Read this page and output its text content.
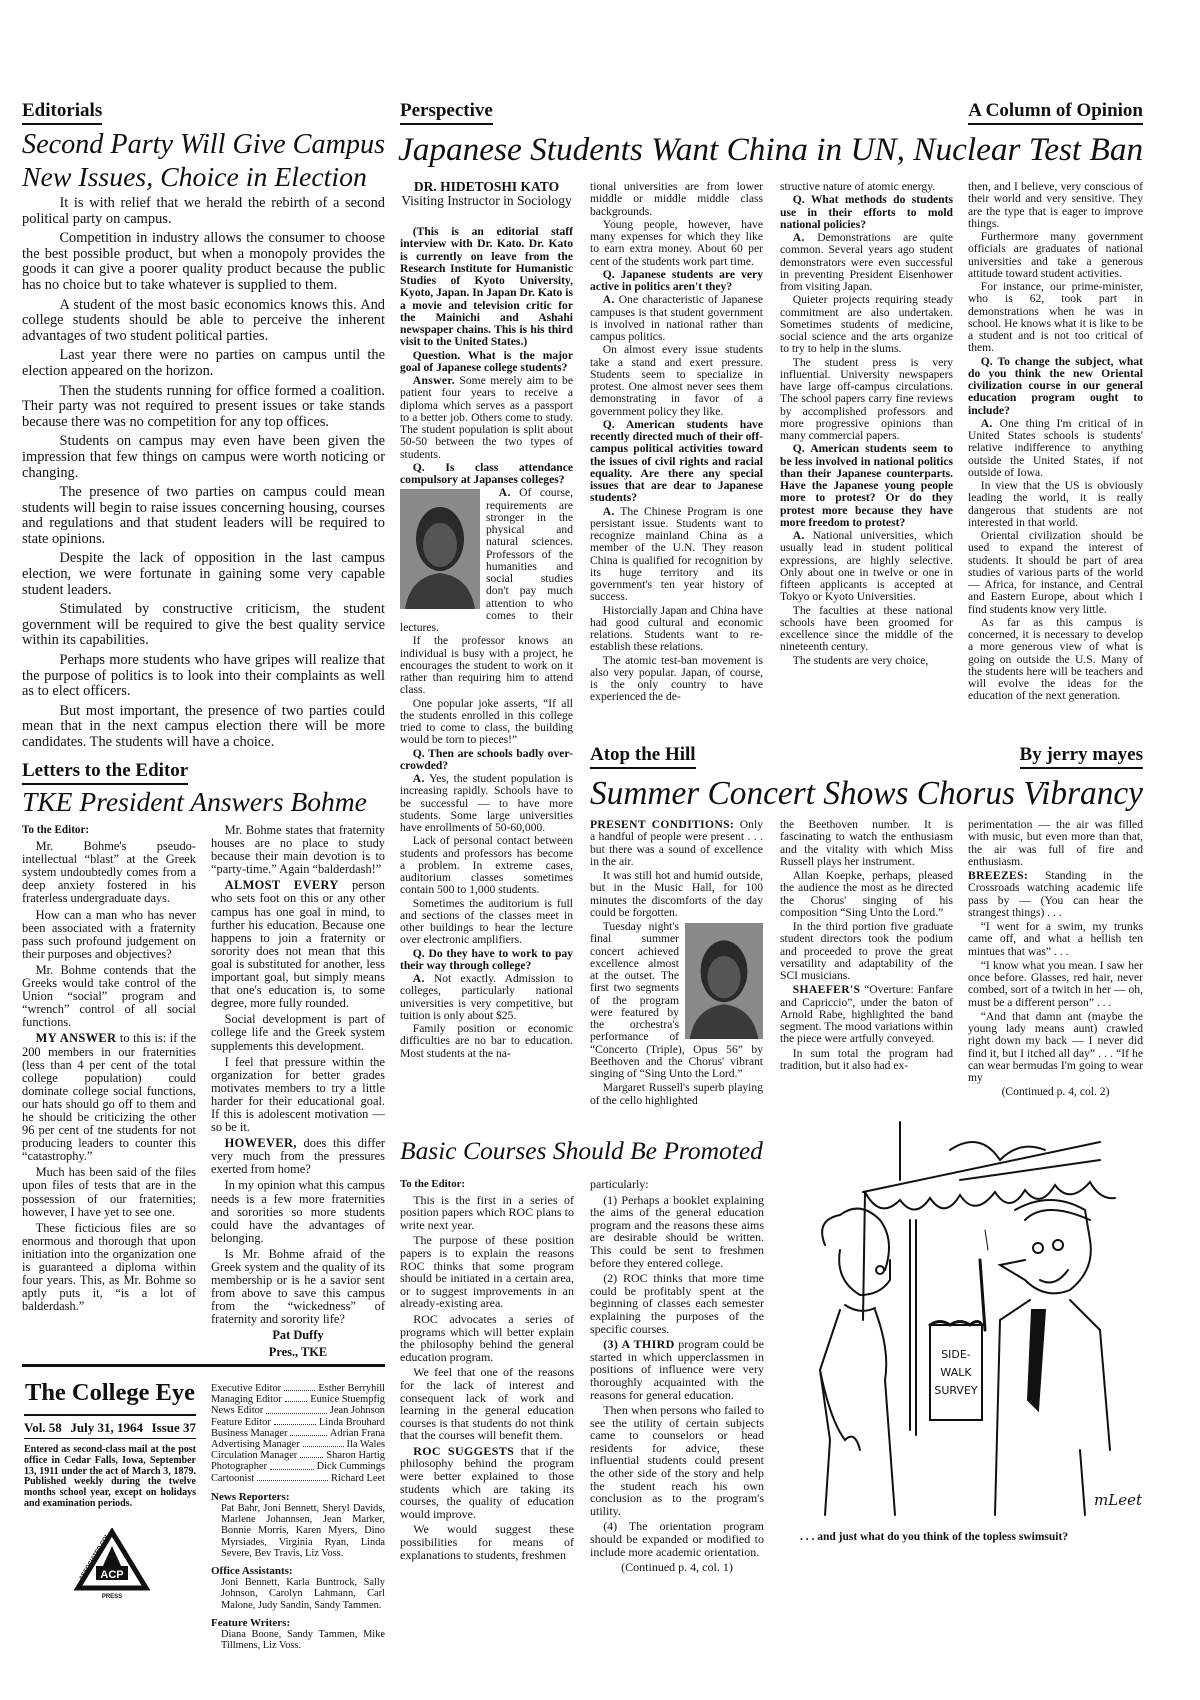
Editorials
Second Party Will Give Campus
New Issues, Choice in Election

It is with relief that we herald the rebirth of a second political party on campus.

Competition in industry allows the consumer to choose the best possible product, but when a monopoly provides the goods it can give a poorer quality product because the public has no choice but to take whatever is supplied to them.

A student of the most basic economics knows this. And college students should be able to perceive the inherent advantages of two student political parties.

Last year there were no parties on campus until the election appeared on the horizon.

Then the students running for office formed a coalition. Their party was not required to present issues or take stands because there was no competition for any top offices.

Students on campus may even have been given the impression that few things on campus were worth noticing or changing.

The presence of two parties on campus could mean students will begin to raise issues concerning housing, courses and regulations and that student leaders will be required to state opinions.

Despite the lack of opposition in the last campus election, we were fortunate in gaining some very capable student leaders.

Stimulated by constructive criticism, the student government will be required to give the best quality service within its capabilities.

Perhaps more students who have gripes will realize that the purpose of politics is to look into their complaints as well as to elect officers.

But most important, the presence of two parties could mean that in the next campus election there will be more candidates. The students will have a choice.

Letters to the Editor
TKE President Answers Bohme

To the Editor:

Mr. Bohme's pseudo-intellectual “blast” at the Greek system undoubtedly comes from a deep anxiety fostered in his fraterless undergraduate days.

How can a man who has never been associated with a fraternity pass such profound judgement on their purposes and objectives?

Mr. Bohme contends that the Greeks would take control of the Union “social” program and “wrench” control of all social functions.

MY ANSWER to this is: if the 200 members in our fraternities (less than 4 per cent of the total college population) could dominate college social functions, our hats should go off to them and he should be criticizing the other 96 per cent of tne students for not producing leaders to counter this “catastrophy.”

Much has been said of the files upon files of tests that are in the possession of our fraternities; however, I have yet to see one.

These ficticious files are so enormous and thorough that upon initiation into the organization one is guaranteed a diploma within four years. This, as Mr. Bohme so aptly puts it, “is a lot of balderdash.”

Mr. Bohme states that fraternity houses are no place to study because their main devotion is to “party-time.” Again “balderdash!”

ALMOST EVERY person who sets foot on this or any other campus has one goal in mind, to further his education. Because one happens to join a fraternity or sorority does not mean that this goal is substituted for another, less important goal, but simply means that one's education is, to some degree, more fully rounded.

Social development is part of college life and the Greek system supplements this development.

I feel that pressure within the organization for better grades motivates members to try a little harder for their educational goal. If this is adolescent motivation — so be it.

HOWEVER, does this differ very much from the pressures exerted from home?

In my opinion what this campus needs is a few more fraternities and sororities so more students could have the advantages of belonging.

Is Mr. Bohme afraid of the Greek system and the quality of its membership or is he a savior sent from above to save this campus from the “wickedness” of fraternity and sorority life?

Pat Duffy

Pres., TKE

The College Eye
Vol. 58 July 31, 1964 Issue 37
Entered as second-class mail at the post office in Cedar Falls, Iowa, September 13, 1911 under the act of March 3, 1879. Published weekly during the twelve months school year, except on holidays and examination periods.
ACP
MEMBER
PRESS
ASSOCIATED COLLEGIATE
Executive Editor	Esther Berryhill
Managing Editor	Eunice Stuempfig
News Editor	Jean Johnson
Feature Editor	Linda Brouhard
Business Manager	Adrian Frana
Advertising Manager	Ila Wales
Circulation Manager	Sharon Hartig
Photographer	Dick Cummings
Cartoonist	Richard Leet
News Reporters:
Pat Bahr, Joni Bennett, Sheryl Davids, Marlene Johannsen, Jean Marker, Bonnie Morris, Karen Myers, Dino Myrsiades, Virginia Ryan, Linda Severe, Bev Travis, Liz Voss.
Office Assistants:
Joni Bennett, Karla Buntrock, Sally Johnson, Carolyn Lahmann, Carl Malone, Judy Sandin, Sandy Tammen.
Feature Writers:
Diana Boone, Sandy Tammen, Mike Tillmens, Liz Voss.
Perspective	A Column of Opinion
Japanese Students Want China in UN, Nuclear Test Ban
DR. HIDETOSHI KATO
Visiting Instructor in Sociology

(This is an editorial staff interview with Dr. Kato. Dr. Kato is currently on leave from the Research Institute for Humanistic Studies of Kyoto University, Kyoto, Japan. In Japan Dr. Kato is a movie and television critic for the Mainichi and Ashahi newspaper chains. This is his third visit to the United States.)

Question. What is the major goal of Japanese college students?

Answer. Some merely aim to be patient four years to receive a diploma which serves as a passport to a better job. Others come to study. The student population is split about 50-50 between the two types of students.

Q. Is class attendance compulsory at Japanses colleges?

A. Of course, requirements are stronger in the physical and natural sciences. Professors of the humanities and social studies don't pay much attention to who comes to their lectures.

If the professor knows an individual is busy with a project, he encourages the student to work on it rather than requiring him to attend class.

One popular joke asserts, “If all the students enrolled in this college tried to come to class, the building would be torn to pieces!”

Q. Then are schools badly over-crowded?

A. Yes, the student population is increasing rapidly. Schools have to be successful — to have more students. Some large universities have enrollments of 50-60,000.

Lack of personal contact between students and professors has become a problem. In extreme cases, auditorium classes sometimes contain 500 to 1,000 students.

Sometimes the auditorium is full and sections of the classes meet in other buildings to hear the lecture over electronic amplifiers.

Q. Do they have to work to pay their way through college?

A. Not exactly. Admission to colleges, particularly national universities is very competitive, but tuition is only about $25.

Family position or economic difficulties are no bar to education. Most students at the na-

tional universities are from lower middle or middle middle class backgrounds.

Young people, however, have many expenses for which they like to earn extra money. About 60 per cent of the students work part time.

Q. Japanese students are very active in politics aren't they?

A. One characteristic of Japanese campuses is that student government is involved in national rather than campus politics.

On almost every issue students take a stand and exert pressure. Students seem to specialize in protest. One almost never sees them demonstrating in favor of a government policy they like.

Q. American students have recently directed much of their off-campus political activities toward the issues of civil rights and racial equality. Are there any special issues that are dear to Japanese students?

A. The Chinese Program is one persistant issue. Students want to recognize mainland China as a member of the U.N. They reason China is qualified for recognition by its huge territory and its government's ten year history of success.

Historcially Japan and China have had good cultural and economic relations. Students want to re-establish these relations.

The atomic test-ban movement is also very popular. Japan, of course, is the only country to have experienced the de-

structive nature of atomic energy.

Q. What methods do students use in their efforts to mold national policies?

A. Demonstrations are quite common. Several years ago student demonstrators were even successful in preventing President Eisenhower from visiting Japan.

Quieter projects requiring steady commitment are also undertaken. Sometimes students of medicine, social science and the arts organize to try to help in the slums.

The student press is very influential. University newspapers have large off-campus circulations. The school papers carry fine reviews by accomplished professors and more progressive opinions than many commercial papers.

Q. American students seem to be less involved in national politics than their Japanese counterparts. Have the Japanese young people more to protest? Or do they protest more because they have more freedom to protest?

A. National universities, which usually lead in student political expressions, are highly selective. Only about one in twelve or one in fifteen applicants is accepted at Tokyo or Kyoto Universities.

The faculties at these national schools have been groomed for excellence since the middle of the nineteenth century.

The students are very choice,

then, and I believe, very conscious of their world and very sensitive. They are the type that is eager to improve things.

Furthermore many government officials are graduates of national universities and take a generous attitude toward student activities.

For instance, our prime-minister, who is 62, took part in demonstrations when he was in school. He knows what it is like to be a student and is not too critical of them.

Q. To change the subject, what do you think the new Oriental civilization course in our general education program ought to include?

A. One thing I'm critical of in United States schools is students' relative indifference to anything outside the United States, if not outside of Iowa.

In view that the US is obviously leading the world, it is really dangerous that students are not interested in that world.

Oriental civilization should be used to expand the interest of students. It should be part of area studies of various parts of the world — Africa, for instance, and Central and Eastern Europe, about which I find students know very little.

As far as this campus is concerned, it is necessary to develop a more generous view of what is going on outside the U.S. Many of the students here will be teachers and will evolve the ideas for the education of the next generation.

Atop the Hill	By jerry mayes
Summer Concert Shows Chorus Vibrancy

PRESENT CONDITIONS: Only a handful of people were present . . . but there was a sound of excellence in the air.

It was still hot and humid outside, but in the Music Hall, for 100 minutes the discomforts of the day could be forgotten.

Tuesday night's final summer concert achieved excellence almost at the outset. The first two segments of the program were featured by the orchestra's performance of “Concerto (Triple), Opus 56” by Beethoven and the Chorus' vibrant singing of “Sing Unto the Lord.”

Margaret Russell's superb playing of the cello highlighted

the Beethoven number. It is fascinating to watch the enthusiasm and the vitality with which Miss Russell plays her instrument.

Allan Koepke, perhaps, pleased the audience the most as he directed the Chorus' singing of his composition “Sing Unto the Lord.”

In the third portion five graduate student directors took the podium and proceeded to prove the great versatility and adaptability of the SCI musicians.

SHAEFER'S “Overture: Fanfare and Capriccio”, under the baton of Arnold Rabe, highlighted the band segment. The mood variations within the piece were artfully conveyed.

In sum total the program had tradition, but it also had ex-

perimentation — the air was filled with music, but even more than that, the air was full of fire and enthusiasm.

BREEZES: Standing in the Crossroads watching academic life pass by — (You can hear the strangest things) . . .

“I went for a swim, my trunks came off, and what a hellish ten mintues that was” . . .

“I know what you mean. I saw her once before. Glasses, red hair, never combed, sort of a twitch in her — oh, must be a different person” . . .

“And that damn ant (maybe the young lady means aunt) crawled right down my back — I never did find it, but I itched all day” . . . “If he can wear bermudas I'm going to wear my

(Continued p. 4, col. 2)

Basic Courses Should Be Promoted

To the Editor:

This is the first in a series of position papers which ROC plans to write next year.

The purpose of these position papers is to explain the reasons ROC thinks that some program should be initiated in a certain area, or to suggest improvements in an already-existing area.

ROC advocates a series of programs which will better explain the philosophy behind the general education program.

We feel that one of the reasons for the lack of interest and consequent lack of work and learning in the general education courses is that students do not think that the courses will benefit them.

ROC SUGGESTS that if the philosophy behind the program were better explained to those students which are taking its courses, the quality of education would improve.

We would suggest these possibilities for means of explanations to students, freshmen

particularly:

(1) Perhaps a booklet explaining the aims of the general education program and the reasons these aims are desirable should be written. This could be sent to freshmen before they entered college.

(2) ROC thinks that more time could be profitably spent at the beginning of classes each semester explaining the purposes of the specific courses.

(3) A THIRD program could be started in which upperclassmen in positions of influence were very thoroughly acquainted with the reasons for general education.

Then when persons who failed to see the utility of certain subjects came to counselors or head residents for advice, these influential students could present the other side of the story and help the student reach his own conclusion as to the program's utility.

(4) The orientation program should be expanded or modified to include more academic orientation.

(Continued p. 4, col. 1)

SIDE-
WALK
SURVEY
mLeet
. . . and just what do you think of the topless swimsuit?
